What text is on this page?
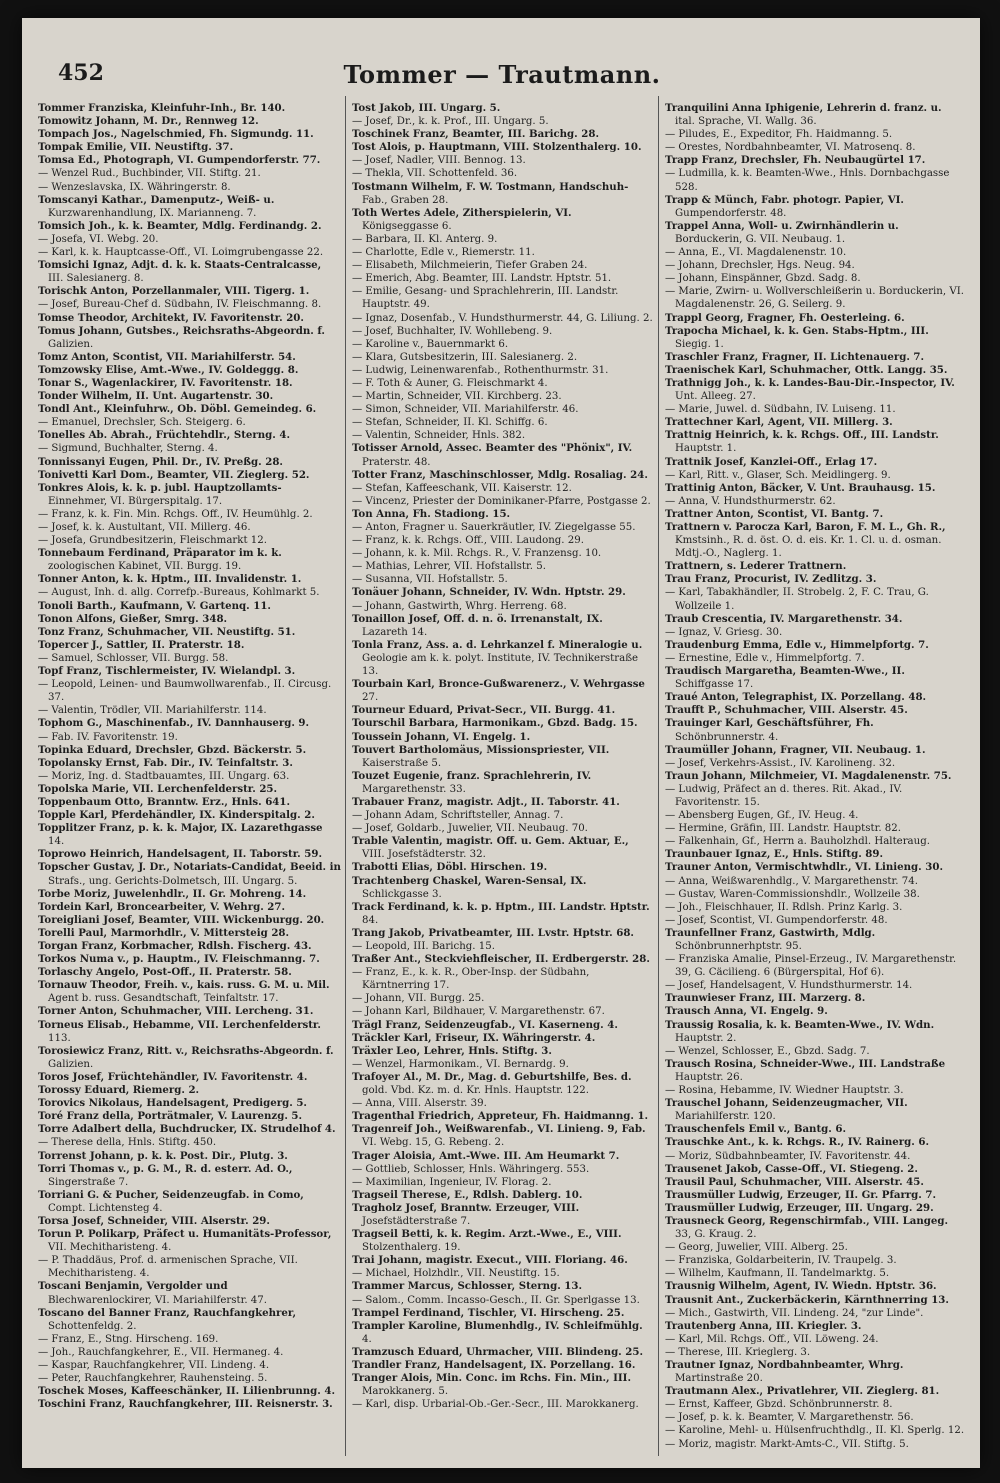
452	Tommer — Trautmann.

Tommer Franziska, Kleinfuhr-Inh., Br. 140.

Tomowitz Johann, M. Dr., Rennweg 12.

Tompach Jos., Nagelschmied, Fh. Sigmundg. 11.

Tompak Emilie, VII. Neustiftg. 37.

Tomsa Ed., Photograph, VI. Gumpendorferstr. 77.

— Wenzel Rud., Buchbinder, VII. Stiftg. 21.

— Wenzeslavska, IX. Währingerstr. 8.

Tomscanyi Kathar., Damenputz-, Weiß- u. Kurzwarenhandlung, IX. Marianneng. 7.

Tomsich Joh., k. k. Beamter, Mdlg. Ferdinandg. 2.

— Josefa, VI. Webg. 20.

— Karl, k. k. Hauptcasse-Off., VI. Loimgrubengasse 22.

Tomsichi Ignaz, Adjt. d. k. k. Staats-Centralcasse, III. Salesianerg. 8.

Torischk Anton, Porzellanmaler, VIII. Tigerg. 1.

— Josef, Bureau-Chef d. Südbahn, IV. Fleischmanng. 8.

Tomse Theodor, Architekt, IV. Favoritenstr. 20.

Tomus Johann, Gutsbes., Reichsraths-Abgeordn. f. Galizien.

Tomz Anton, Scontist, VII. Mariahilferstr. 54.

Tomzowsky Elise, Amt.-Wwe., IV. Goldeggg. 8.

Tonar S., Wagenlackirer, IV. Favoritenstr. 18.

Tonder Wilhelm, II. Unt. Augartenstr. 30.

Tondl Ant., Kleinfuhrw., Ob. Döbl. Gemeindeg. 6.

— Emanuel, Drechsler, Sch. Steigerg. 6.

Tonelles Ab. Abrah., Früchtehdlr., Sterng. 4.

— Sigmund, Buchhalter, Sterng. 4.

Tonnissanyi Eugen, Phil. Dr., IV. Preßg. 28.

Tonivetti Karl Dom., Beamter, VII. Zieglerg. 52.

Tonkres Alois, k. k. p. jubl. Hauptzollamts-Einnehmer, VI. Bürgerspitalg. 17.

— Franz, k. k. Fin. Min. Rchgs. Off., IV. Heumühlg. 2.

— Josef, k. k. Austultant, VII. Millerg. 46.

— Josefa, Grundbesitzerin, Fleischmarkt 12.

Tonnebaum Ferdinand, Präparator im k. k. zoologischen Kabinet, VII. Burgg. 19.

Tonner Anton, k. k. Hptm., III. Invalidenstr. 1.

— August, Inh. d. allg. Correfp.-Bureaus, Kohlmarkt 5.

Tonoli Barth., Kaufmann, V. Gartenq. 11.

Tonon Alfons, Gießer, Smrg. 348.

Tonz Franz, Schuhmacher, VII. Neustiftg. 51.

Topercer J., Sattler, II. Praterstr. 18.

— Samuel, Schlosser, VII. Burgg. 58.

Topf Franz, Tischlermeister, IV. Wielandpl. 3.

— Leopold, Leinen- und Baumwollwarenfab., II. Circusg. 37.

— Valentin, Trödler, VII. Mariahilferstr. 114.

Tophom G., Maschinenfab., IV. Dannhauserg. 9.

— Fab. IV. Favoritenstr. 19.

Topinka Eduard, Drechsler, Gbzd. Bäckerstr. 5.

Topolansky Ernst, Fab. Dir., IV. Teinfaltstr. 3.

— Moriz, Ing. d. Stadtbauamtes, III. Ungarg. 63.

Topolska Marie, VII. Lerchenfelderstr. 25.

Toppenbaum Otto, Branntw. Erz., Hnls. 641.

Topple Karl, Pferdehändler, IX. Kinderspitalg. 2.

Topplitzer Franz, p. k. k. Major, IX. Lazarethgasse 14.

Toprowo Heinrich, Handelsagent, II. Taborstr. 59.

Topscher Gustav, J. Dr., Notariats-Candidat, Beeid. in Strafs., ung. Gerichts-Dolmetsch, III. Ungarg. 5.

Torbe Moriz, Juwelenhdlr., II. Gr. Mohreng. 14.

Tordein Karl, Broncearbeiter, V. Wehrg. 27.

Toreigliani Josef, Beamter, VIII. Wickenburgg. 20.

Torelli Paul, Marmorhdlr., V. Mittersteig 28.

Torgan Franz, Korbmacher, Rdlsh. Fischerg. 43.

Torkos Numa v., p. Hauptm., IV. Fleischmanng. 7.

Torlaschy Angelo, Post-Off., II. Praterstr. 58.

Tornauw Theodor, Freih. v., kais. russ. G. M. u. Mil. Agent b. russ. Gesandtschaft, Teinfaltstr. 17.

Torner Anton, Schuhmacher, VIII. Lercheng. 31.

Torneus Elisab., Hebamme, VII. Lerchenfelderstr. 113.

Torosiewicz Franz, Ritt. v., Reichsraths-Abgeordn. f. Galizien.

Toros Josef, Früchtehändler, IV. Favoritenstr. 4.

Torossy Eduard, Riemerg. 2.

Torovics Nikolaus, Handelsagent, Predigerg. 5.

Toré Franz della, Porträtmaler, V. Laurenzg. 5.

Torre Adalbert della, Buchdrucker, IX. Strudelhof 4.

— Therese della, Hnls. Stiftg. 450.

Torrenst Johann, p. k. k. Post. Dir., Plutg. 3.

Torri Thomas v., p. G. M., R. d. esterr. Ad. O., Singerstraße 7.

Torriani G. & Pucher, Seidenzeugfab. in Como, Compt. Lichtensteg 4.

Torsa Josef, Schneider, VIII. Alserstr. 29.

Torun P. Polikarp, Präfect u. Humanitäts-Professor, VII. Mechitharisteng. 4.

— P. Thaddäus, Prof. d. armenischen Sprache, VII. Mechitharisteng. 4.

Toscani Benjamin, Vergolder und Blechwarenlockirer, VI. Mariahilferstr. 47.

Toscano del Banner Franz, Rauchfangkehrer, Schottenfeldg. 2.

— Franz, E., Stng. Hirscheng. 169.

— Joh., Rauchfangkehrer, E., VII. Hermaneg. 4.

— Kaspar, Rauchfangkehrer, VII. Lindeng. 4.

— Peter, Rauchfangkehrer, Rauhensteing. 5.

Toschek Moses, Kaffeeschänker, II. Lilienbrunng. 4.

Toschini Franz, Rauchfangkehrer, III. Reisnerstr. 3.

Tost Jakob, III. Ungarg. 5.

— Josef, Dr., k. k. Prof., III. Ungarg. 5.

Toschinek Franz, Beamter, III. Barichg. 28.

Tost Alois, p. Hauptmann, VIII. Stolzenthalerg. 10.

— Josef, Nadler, VIII. Bennog. 13.

— Thekla, VII. Schottenfeld. 36.

Tostmann Wilhelm, F. W. Tostmann, Handschuh-Fab., Graben 28.

Toth Wertes Adele, Zitherspielerin, VI. Königseggasse 6.

— Barbara, II. Kl. Anterg. 9.

— Charlotte, Edle v., Riemerstr. 11.

— Elisabeth, Milchmeierin, Tiefer Graben 24.

— Emerich, Abg. Beamter, III. Landstr. Hptstr. 51.

— Emilie, Gesang- und Sprachlehrerin, III. Landstr. Hauptstr. 49.

— Ignaz, Dosenfab., V. Hundsthurmerstr. 44, G. Liliung. 2.

— Josef, Buchhalter, IV. Wohllebeng. 9.

— Karoline v., Bauernmarkt 6.

— Klara, Gutsbesitzerin, III. Salesianerg. 2.

— Ludwig, Leinenwarenfab., Rothenthurmstr. 31.

— F. Toth & Auner, G. Fleischmarkt 4.

— Martin, Schneider, VII. Kirchberg. 23.

— Simon, Schneider, VII. Mariahilferstr. 46.

— Stefan, Schneider, II. Kl. Schiffg. 6.

— Valentin, Schneider, Hnls. 382.

Totisser Arnold, Assec. Beamter des "Phönix", IV. Praterstr. 48.

Totter Franz, Maschinschlosser, Mdlg. Rosaliag. 24.

— Stefan, Kaffeeschank, VII. Kaiserstr. 12.

— Vincenz, Priester der Dominikaner-Pfarre, Postgasse 2.

Ton Anna, Fh. Stadiong. 15.

— Anton, Fragner u. Sauerkräutler, IV. Ziegelgasse 55.

— Franz, k. k. Rchgs. Off., VIII. Laudong. 29.

— Johann, k. k. Mil. Rchgs. R., V. Franzensg. 10.

— Mathias, Lehrer, VII. Hofstallstr. 5.

— Susanna, VII. Hofstallstr. 5.

Tonäuer Johann, Schneider, IV. Wdn. Hptstr. 29.

— Johann, Gastwirth, Whrg. Herreng. 68.

Tonaillon Josef, Off. d. n. ö. Irrenanstalt, IX. Lazareth 14.

Tonla Franz, Ass. a. d. Lehrkanzel f. Mineralogie u. Geologie am k. k. polyt. Institute, IV. Technikerstraße 13.

Tourbain Karl, Bronce-Gußwarenerz., V. Wehrgasse 27.

Tourneur Eduard, Privat-Secr., VII. Burgg. 41.

Tourschil Barbara, Harmonikam., Gbzd. Badg. 15.

Toussein Johann, VI. Engelg. 1.

Touvert Bartholomäus, Missionspriester, VII. Kaiserstraße 5.

Touzet Eugenie, franz. Sprachlehrerin, IV. Margarethenstr. 33.

Trabauer Franz, magistr. Adjt., II. Taborstr. 41.

— Johann Adam, Schriftsteller, Annag. 7.

— Josef, Goldarb., Juwelier, VII. Neubaug. 70.

Trable Valentin, magistr. Off. u. Gem. Aktuar, E., VIII. Josefstädterstr. 32.

Trabotti Elias, Döbl. Hirschen. 19.

Trachtenberg Chaskel, Waren-Sensal, IX. Schlickgasse 3.

Track Ferdinand, k. k. p. Hptm., III. Landstr. Hptstr. 84.

Trang Jakob, Privatbeamter, III. Lvstr. Hptstr. 68.

— Leopold, III. Barichg. 15.

Traßer Ant., Steckviehfleischer, II. Erdbergerstr. 28.

— Franz, E., k. k. R., Ober-Insp. der Südbahn, Kärntnerring 17.

— Johann, VII. Burgg. 25.

— Johann Karl, Bildhauer, V. Margarethenstr. 67.

Trägl Franz, Seidenzeugfab., VI. Kaserneng. 4.

Träckler Karl, Friseur, IX. Währingerstr. 4.

Träxler Leo, Lehrer, Hnls. Stiftg. 3.

— Wenzel, Harmonikam., VI. Bernardg. 9.

Trafoyer Al., M. Dr., Mag. d. Geburtshilfe, Bes. d. gold. Vbd. Kz. m. d. Kr. Hnls. Hauptstr. 122.

— Anna, VIII. Alserstr. 39.

Tragenthal Friedrich, Appreteur, Fh. Haidmanng. 1.

Tragenreif Joh., Weißwarenfab., VI. Linieng. 9, Fab. VI. Webg. 15, G. Rebeng. 2.

Trager Aloisia, Amt.-Wwe. III. Am Heumarkt 7.

— Gottlieb, Schlosser, Hnls. Währingerg. 553.

— Maximilian, Ingenieur, IV. Florag. 2.

Tragseil Therese, E., Rdlsh. Dablerg. 10.

Tragholz Josef, Branntw. Erzeuger, VIII. Josefstädterstraße 7.

Tragseil Betti, k. k. Regim. Arzt.-Wwe., E., VIII. Stolzenthalerg. 19.

Trai Johann, magistr. Execut., VIII. Floriang. 46.

— Michael, Holzhdlr., VII. Neustiftg. 15.

Trammer Marcus, Schlosser, Sterng. 13.

— Salom., Comm. Incasso-Gesch., II. Gr. Sperlgasse 13.

Trampel Ferdinand, Tischler, VI. Hirscheng. 25.

Trampler Karoline, Blumenhdlg., IV. Schleifmühlg. 4.

Tramzusch Eduard, Uhrmacher, VIII. Blindeng. 25.

Trandler Franz, Handelsagent, IX. Porzellang. 16.

Tranger Alois, Min. Conc. im Rchs. Fin. Min., III. Marokkanerg. 5.

— Karl, disp. Urbarial-Ob.-Ger.-Secr., III. Marokkanerg.

Tranquilini Anna Iphigenie, Lehrerin d. franz. u. ital. Sprache, VI. Wallg. 36.

— Piludes, E., Expeditor, Fh. Haidmanng. 5.

— Orestes, Nordbahnbeamter, VI. Matrosenq. 8.

Trapp Franz, Drechsler, Fh. Neubaugürtel 17.

— Ludmilla, k. k. Beamten-Wwe., Hnls. Dornbachgasse 528.

Trapp & Münch, Fabr. photogr. Papier, VI. Gumpendorferstr. 48.

Trappel Anna, Woll- u. Zwirnhändlerin u. Borduckerin, G. VII. Neubaug. 1.

— Anna, E., VI. Magdalenenstr. 10.

— Johann, Drechsler, Hgs. Neug. 94.

— Johann, Einspänner, Gbzd. Sadg. 8.

— Marie, Zwirn- u. Wollverschleißerin u. Borduckerin, VI. Magdalenenstr. 26, G. Seilerg. 9.

Trappl Georg, Fragner, Fh. Oesterleing. 6.

Trapocha Michael, k. k. Gen. Stabs-Hptm., III. Siegig. 1.

Traschler Franz, Fragner, II. Lichtenauerg. 7.

Traenischek Karl, Schuhmacher, Ottk. Langg. 35.

Trathnigg Joh., k. k. Landes-Bau-Dir.-Inspector, IV. Unt. Alleeg. 27.

— Marie, Juwel. d. Südbahn, IV. Luiseng. 11.

Trattechner Karl, Agent, VII. Millerg. 3.

Trattnig Heinrich, k. k. Rchgs. Off., III. Landstr. Hauptstr. 1.

Trattnik Josef, Kanzlei-Off., Erlag 17.

— Karl, Ritt. v., Glaser, Sch. Meidlingerg. 9.

Trattinig Anton, Bäcker, V. Unt. Brauhausg. 15.

— Anna, V. Hundsthurmerstr. 62.

Trattner Anton, Scontist, VI. Bantg. 7.

Trattnern v. Parocza Karl, Baron, F. M. L., Gh. R., Kmstsinh., R. d. öst. O. d. eis. Kr. 1. Cl. u. d. osman. Mdtj.-O., Naglerg. 1.

Trattnern, s. Lederer Trattnern.

Trau Franz, Procurist, IV. Zedlitzg. 3.

— Karl, Tabakhändler, II. Strobelg. 2, F. C. Trau, G. Wollzeile 1.

Traub Crescentia, IV. Margarethenstr. 34.

— Ignaz, V. Griesg. 30.

Traudenburg Emma, Edle v., Himmelpfortg. 7.

— Ernestine, Edle v., Himmelpfortg. 7.

Traudisch Margaretha, Beamten-Wwe., II. Schiffgasse 17.

Traué Anton, Telegraphist, IX. Porzellang. 48.

Traufft P., Schuhmacher, VIII. Alserstr. 45.

Trauinger Karl, Geschäftsführer, Fh. Schönbrunnerstr. 4.

Traumüller Johann, Fragner, VII. Neubaug. 1.

— Josef, Verkehrs-Assist., IV. Karolineng. 32.

Traun Johann, Milchmeier, VI. Magdalenenstr. 75.

— Ludwig, Präfect an d. theres. Rit. Akad., IV. Favoritenstr. 15.

— Abensberg Eugen, Gf., IV. Heug. 4.

— Hermine, Gräfin, III. Landstr. Hauptstr. 82.

— Falkenhain, Gf., Herrn a. Bauholzhdl. Halteraug.

Traunbauer Ignaz, E., Hnls. Stiftg. 89.

Trauner Anton, Vermischtwhdlr., VI. Linieng. 30.

— Anna, Weißwarenhdlg., V. Margarethenstr. 74.

— Gustav, Waren-Commissionshdlr., Wollzeile 38.

— Joh., Fleischhauer, II. Rdlsh. Prinz Karlg. 3.

— Josef, Scontist, VI. Gumpendorferstr. 48.

Traunfellner Franz, Gastwirth, Mdlg. Schönbrunnerhptstr. 95.

— Franziska Amalie, Pinsel-Erzeug., IV. Margarethenstr. 39, G. Cäcilieng. 6 (Bürgerspital, Hof 6).

— Josef, Handelsagent, V. Hundsthurmerstr. 14.

Traunwieser Franz, III. Marzerg. 8.

Trausch Anna, VI. Engelg. 9.

Traussig Rosalia, k. k. Beamten-Wwe., IV. Wdn. Hauptstr. 2.

— Wenzel, Schlosser, E., Gbzd. Sadg. 7.

Trausch Rosina, Schneider-Wwe., III. Landstraße Hauptstr. 26.

— Rosina, Hebamme, IV. Wiedner Hauptstr. 3.

Trauschel Johann, Seidenzeugmacher, VII. Mariahilferstr. 120.

Trauschenfels Emil v., Bantg. 6.

Trauschke Ant., k. k. Rchgs. R., IV. Rainerg. 6.

— Moriz, Südbahnbeamter, IV. Favoritenstr. 44.

Trausenet Jakob, Casse-Off., VI. Stiegeng. 2.

Trausil Paul, Schuhmacher, VIII. Alserstr. 45.

Trausmüller Ludwig, Erzeuger, II. Gr. Pfarrg. 7.

Trausmüller Ludwig, Erzeuger, III. Ungarg. 29.

Trausneck Georg, Regenschirmfab., VIII. Langeg. 33, G. Kraug. 2.

— Georg, Juwelier, VIII. Alberg. 25.

— Franziska, Goldarbeiterin, IV. Traupelg. 3.

— Wilhelm, Kaufmann, II. Tandelmarktg. 5.

Trausnig Wilhelm, Agent, IV. Wiedn. Hptstr. 36.

Trausnit Ant., Zuckerbäckerin, Kärnthnerring 13.

— Mich., Gastwirth, VII. Lindeng. 24, "zur Linde".

Trautenberg Anna, III. Kriegler. 3.

— Karl, Mil. Rchgs. Off., VII. Löweng. 24.

— Therese, III. Krieglerg. 3.

Trautner Ignaz, Nordbahnbeamter, Whrg. Martinstraße 20.

Trautmann Alex., Privatlehrer, VII. Zieglerg. 81.

— Ernst, Kaffeer, Gbzd. Schönbrunnerstr. 8.

— Josef, p. k. k. Beamter, V. Margarethenstr. 56.

— Karoline, Mehl- u. Hülsenfruchthdlg., II. Kl. Sperlg. 12.

— Moriz, magistr. Markt-Amts-C., VII. Stiftg. 5.
